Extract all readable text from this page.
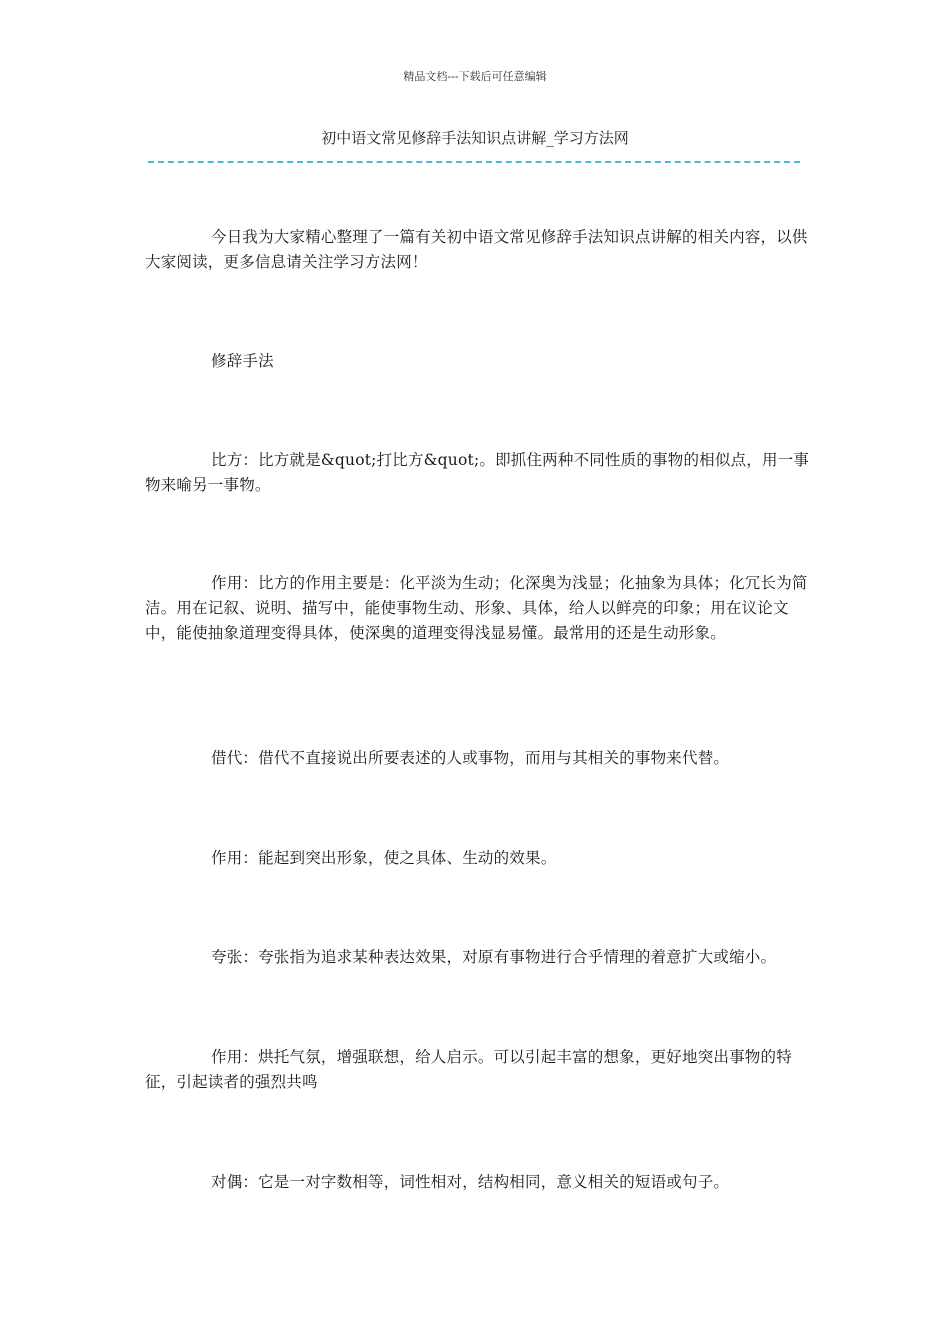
精品文档---下载后可任意编辑
初中语文常见修辞手法知识点讲解_学习方法网

今日我为大家精心整理了一篇有关初中语文常见修辞手法知识点讲解的相关内容，以供大家阅读，更多信息请关注学习方法网！

修辞手法

比方：比方就是&quot;打比方&quot;。即抓住两种不同性质的事物的相似点，用一事物来喻另一事物。

作用：比方的作用主要是：化平淡为生动；化深奥为浅显；化抽象为具体；化冗长为简洁。用在记叙、说明、描写中，能使事物生动、形象、具体，给人以鲜亮的印象；用在议论文中，能使抽象道理变得具体，使深奥的道理变得浅显易懂。最常用的还是生动形象。

借代：借代不直接说出所要表述的人或事物，而用与其相关的事物来代替。

作用：能起到突出形象，使之具体、生动的效果。

夸张：夸张指为追求某种表达效果，对原有事物进行合乎情理的着意扩大或缩小。

作用：烘托气氛，增强联想，给人启示。可以引起丰富的想象，更好地突出事物的特征，引起读者的强烈共鸣

对偶：它是一对字数相等，词性相对，结构相同，意义相关的短语或句子。
